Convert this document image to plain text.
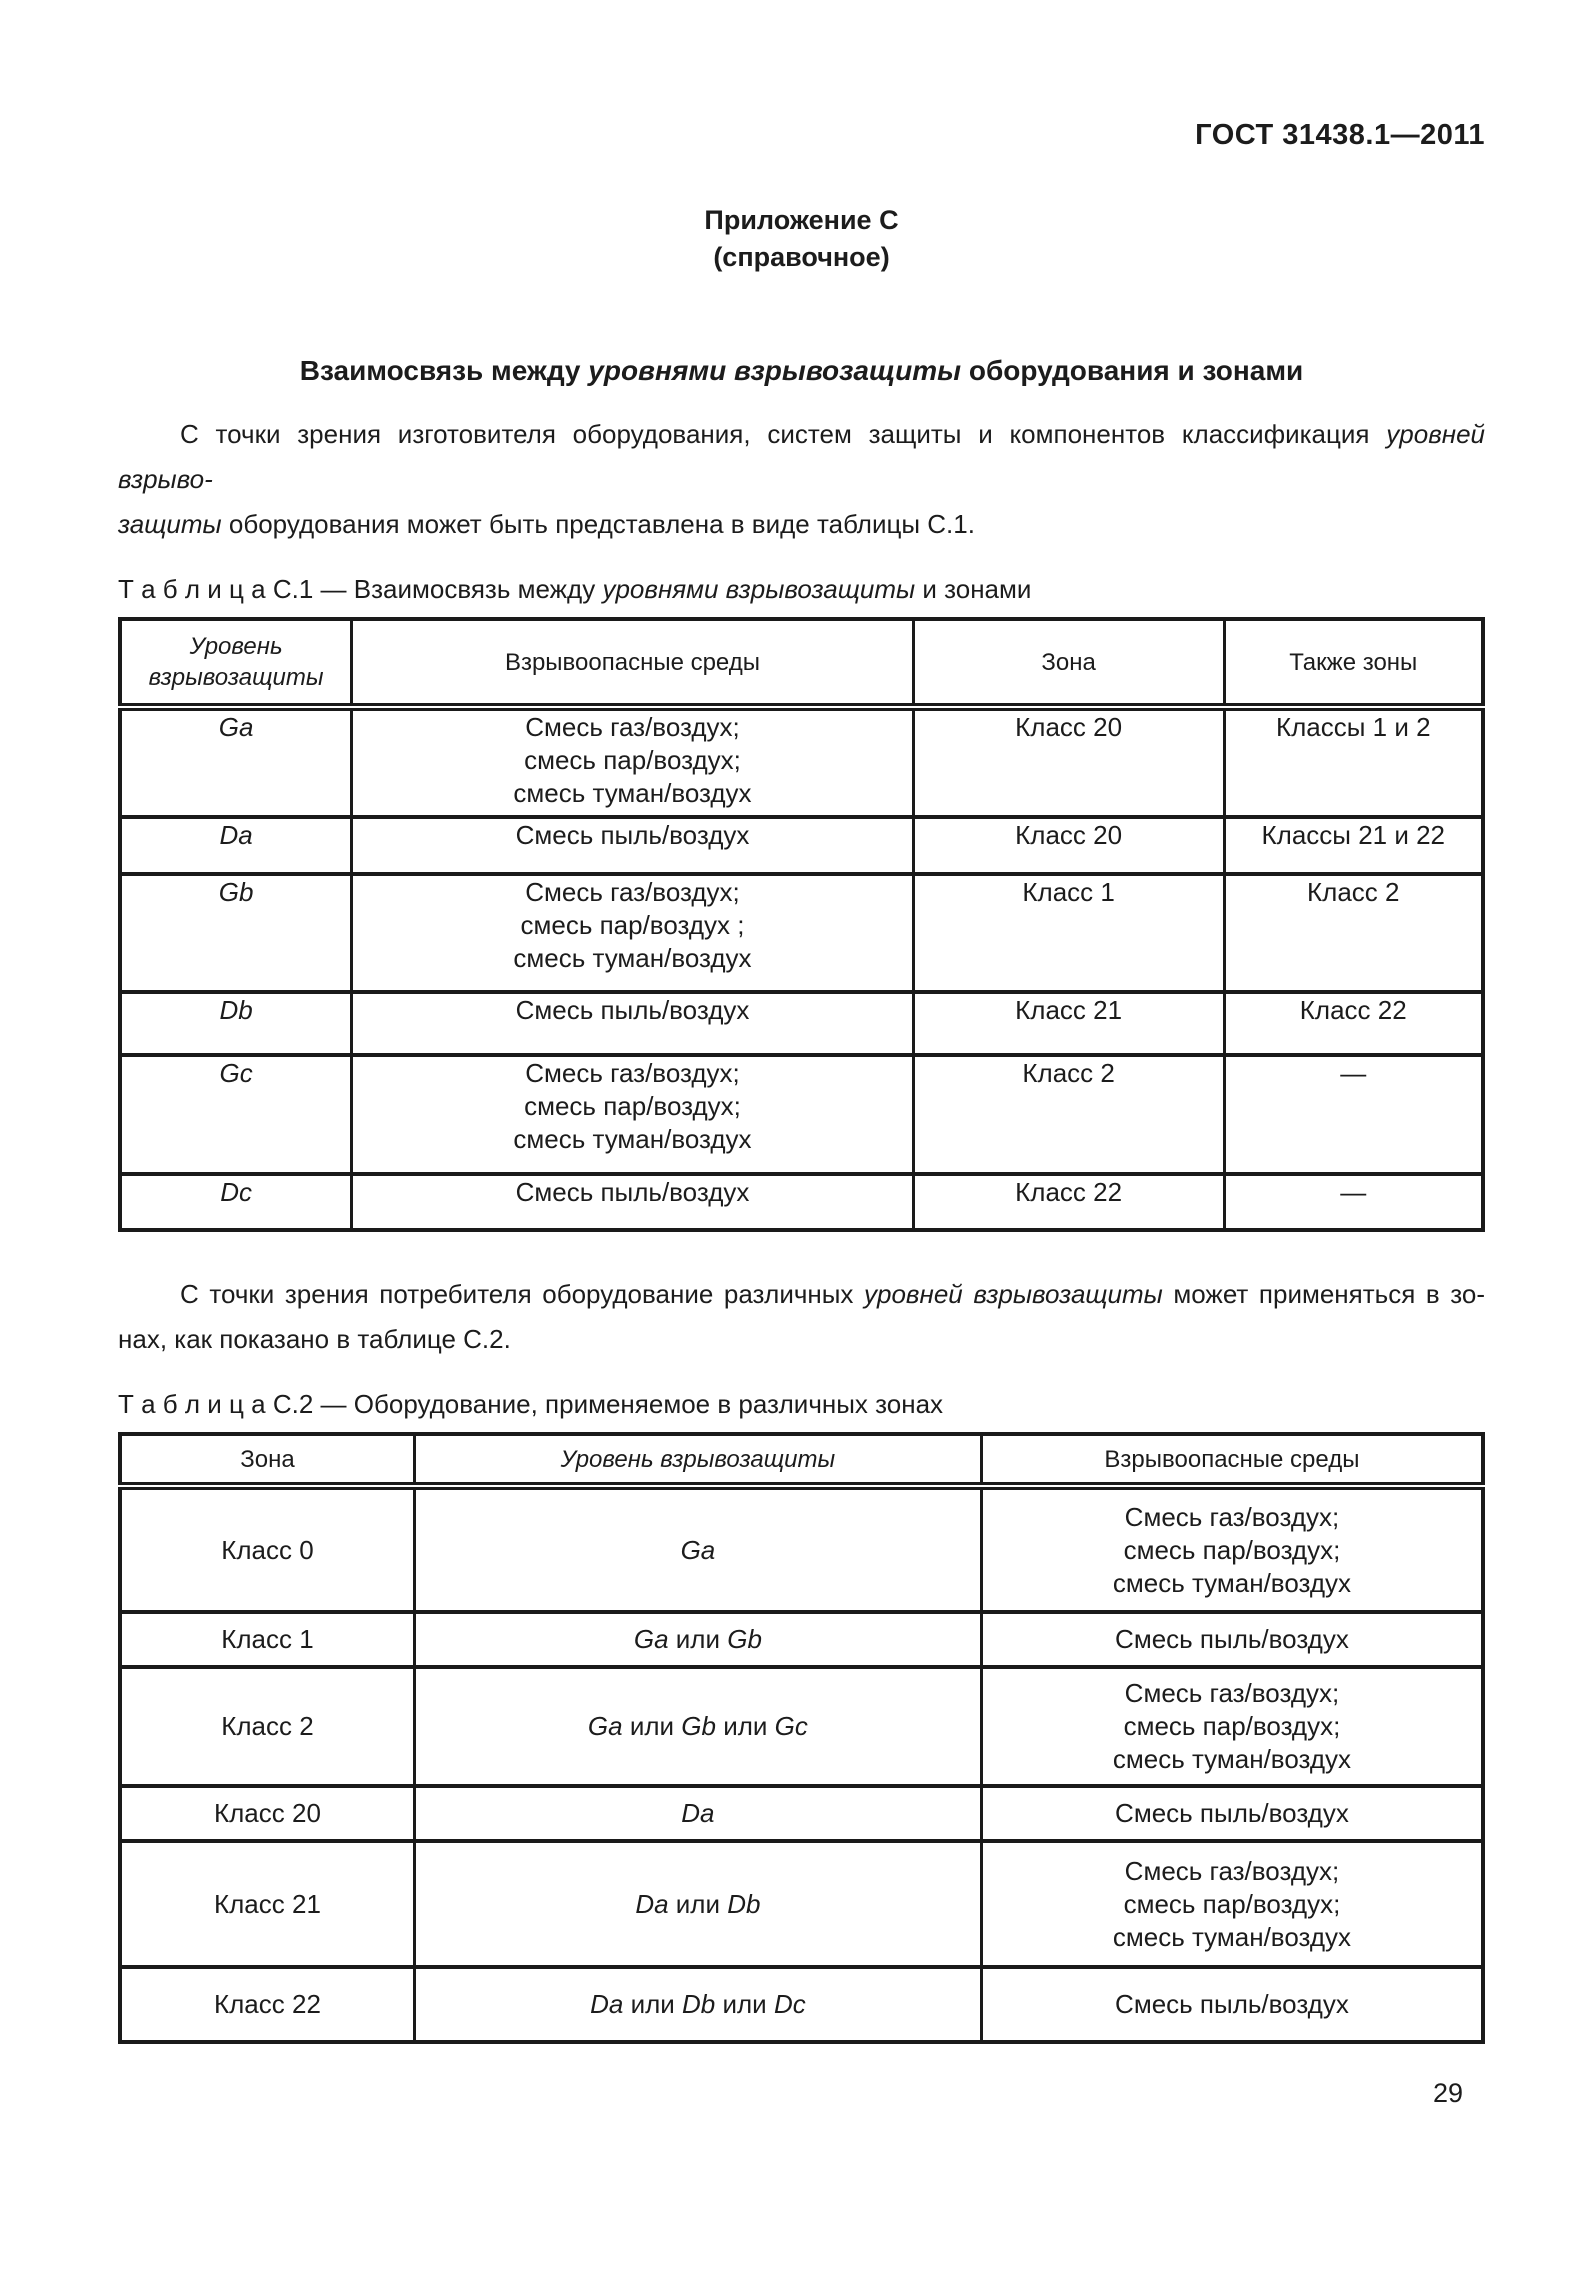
ГОСТ 31438.1—2011
Приложение С
(справочное)
Взаимосвязь между уровнями взрывозащиты оборудования и зонами
С точки зрения изготовителя оборудования, систем защиты и компонентов классификация уровней взрыво-
защиты оборудования может быть представлена в виде таблицы С.1.
Т а б л и ц а С.1 — Взаимосвязь между уровнями взрывозащиты и зонами
Уровень
взрывозащиты	Взрывоопасные среды	Зона	Также зоны

Ga	Смесь газ/воздух;
смесь пар/воздух;
смесь туман/воздух	Класс 20	Классы 1 и 2

Da	Смесь пыль/воздух	Класс 20	Классы 21 и 22

Gb	Смесь газ/воздух;
смесь пар/воздух ;
смесь туман/воздух	Класс 1	Класс 2

Db	Смесь пыль/воздух	Класс 21	Класс 22

Gc	Смесь газ/воздух;
смесь пар/воздух;
смесь туман/воздух	Класс 2	—

Dc	Смесь пыль/воздух	Класс 22	—
С точки зрения потребителя оборудование различных уровней взрывозащиты может применяться в зо-
нах, как показано в таблице С.2.
Т а б л и ц а С.2 — Оборудование, применяемое в различных зонах
Зона	Уровень взрывозащиты	Взрывоопасные среды

Класс 0	Ga	Смесь газ/воздух;
смесь пар/воздух;
смесь туман/воздух

Класс 1	Ga или Gb	Смесь пыль/воздух

Класс 2	Ga или Gb или Gc	Смесь газ/воздух;
смесь пар/воздух;
смесь туман/воздух

Класс 20	Da	Смесь пыль/воздух

Класс 21	Da или Db	Смесь газ/воздух;
смесь пар/воздух;
смесь туман/воздух

Класс 22	Da или Db или Dc	Смесь пыль/воздух
29
